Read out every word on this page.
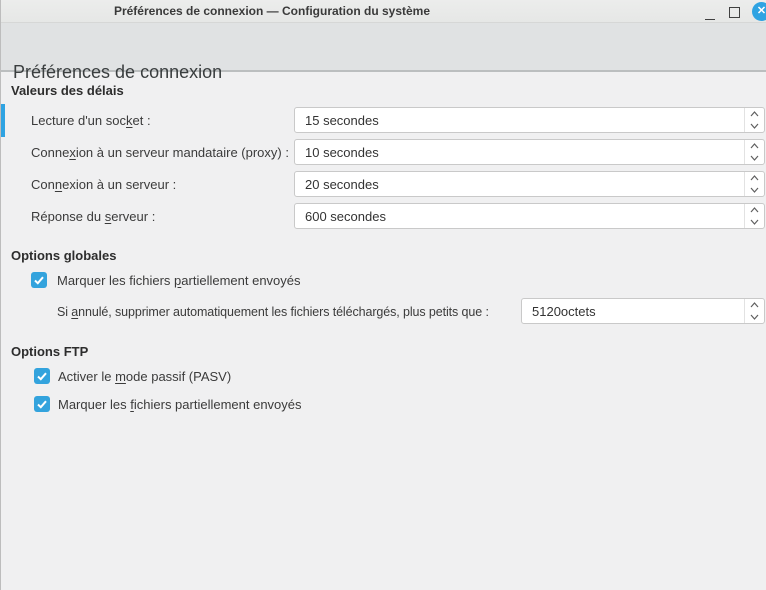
Préférences de connexion — Configuration du système	✕
Préférences de connexion
Valeurs des délais
Lecture d'un socket :	15 secondes
Connexion à un serveur mandataire (proxy) :	10 secondes
Connexion à un serveur :	20 secondes
Réponse du serveur :	600 secondes
Options globales
Marquer les fichiers partiellement envoyés
Si annulé, supprimer automatiquement les fichiers téléchargés, plus petits que :	5120octets
Options FTP
Activer le mode passif (PASV)
Marquer les fichiers partiellement envoyés
